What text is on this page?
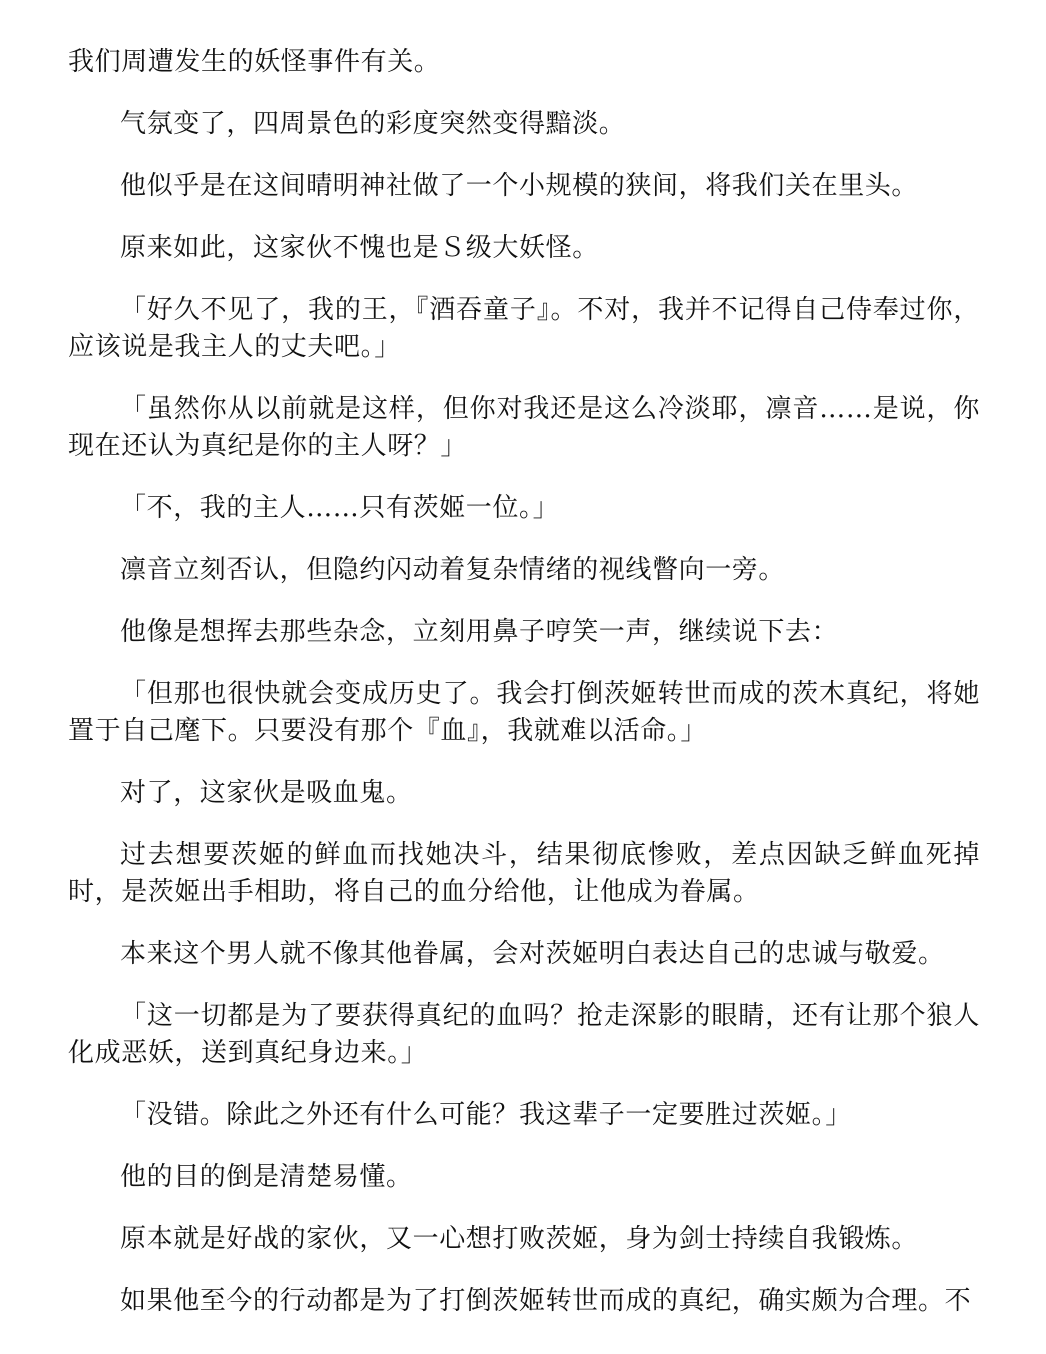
我们周遭发生的妖怪事件有关。

气氛变了，四周景色的彩度突然变得黯淡。

他似乎是在这间晴明神社做了一个小规模的狭间，将我们关在里头。

原来如此，这家伙不愧也是Ｓ级大妖怪。

「好久不见了，我的王，『酒吞童子』。不对，我并不记得自己侍奉过你，应该说是我主人的丈夫吧。」

「虽然你从以前就是这样，但你对我还是这么冷淡耶，凛音……是说，你现在还认为真纪是你的主人呀？」

「不，我的主人……只有茨姬一位。」

凛音立刻否认，但隐约闪动着复杂情绪的视线瞥向一旁。

他像是想挥去那些杂念，立刻用鼻子哼笑一声，继续说下去：

「但那也很快就会变成历史了。我会打倒茨姬转世而成的茨木真纪，将她置于自己麾下。只要没有那个『血』，我就难以活命。」

对了，这家伙是吸血鬼。

过去想要茨姬的鲜血而找她决斗，结果彻底惨败，差点因缺乏鲜血死掉时，是茨姬出手相助，将自己的血分给他，让他成为眷属。

本来这个男人就不像其他眷属，会对茨姬明白表达自己的忠诚与敬爱。

「这一切都是为了要获得真纪的血吗？抢走深影的眼睛，还有让那个狼人化成恶妖，送到真纪身边来。」

「没错。除此之外还有什么可能？我这辈子一定要胜过茨姬。」

他的目的倒是清楚易懂。

原本就是好战的家伙，又一心想打败茨姬，身为剑士持续自我锻炼。

如果他至今的行动都是为了打倒茨姬转世而成的真纪，确实颇为合理。不
